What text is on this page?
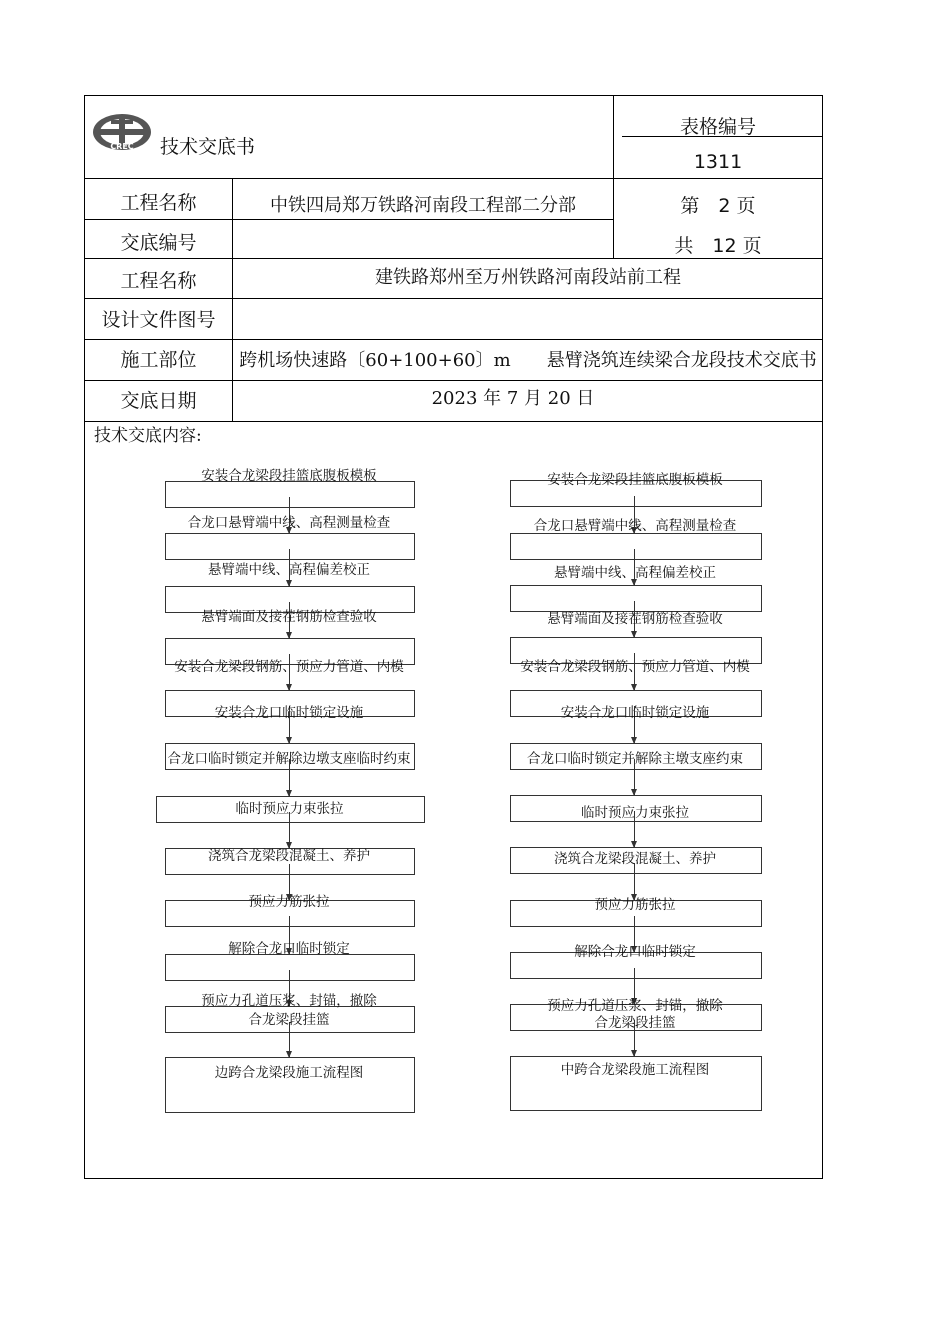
CREC 技术交底书
表格编号
1311
第　2 页
共　12 页
工程名称	中铁四局郑万铁路河南段工程部二分部
交底编号
工程名称	建铁路郑州至万州铁路河南段站前工程
设计文件图号
施工部位	跨机场快速路〔60+100+60〕m　　悬臂浇筑连续梁合龙段技术交底书
交底日期	2023 年 7 月 20 日
技术交底内容:
安装合龙梁段挂篮底腹板模板
合龙口悬臂端中线、高程测量检查
悬臂端中线、高程偏差校正
悬臂端面及接茬钢筋检查验收
安装合龙梁段钢筋、预应力管道、内模
安装合龙口临时锁定设施
合龙口临时锁定并解除边墩支座临时约束
临时预应力束张拉
浇筑合龙梁段混凝土、养护
预应力筋张拉
解除合龙口临时锁定
预应力孔道压浆、封锚，撤除
合龙梁段挂篮
边跨合龙梁段施工流程图
安装合龙梁段挂篮底腹板模板
合龙口悬臂端中线、高程测量检查
悬臂端中线、高程偏差校正
悬臂端面及接茬钢筋检查验收
安装合龙梁段钢筋、预应力管道、内模
安装合龙口临时锁定设施
合龙口临时锁定并解除主墩支座约束
临时预应力束张拉
浇筑合龙梁段混凝土、养护
预应力筋张拉
解除合龙口临时锁定
预应力孔道压浆、封锚，撤除
合龙梁段挂篮
中跨合龙梁段施工流程图
